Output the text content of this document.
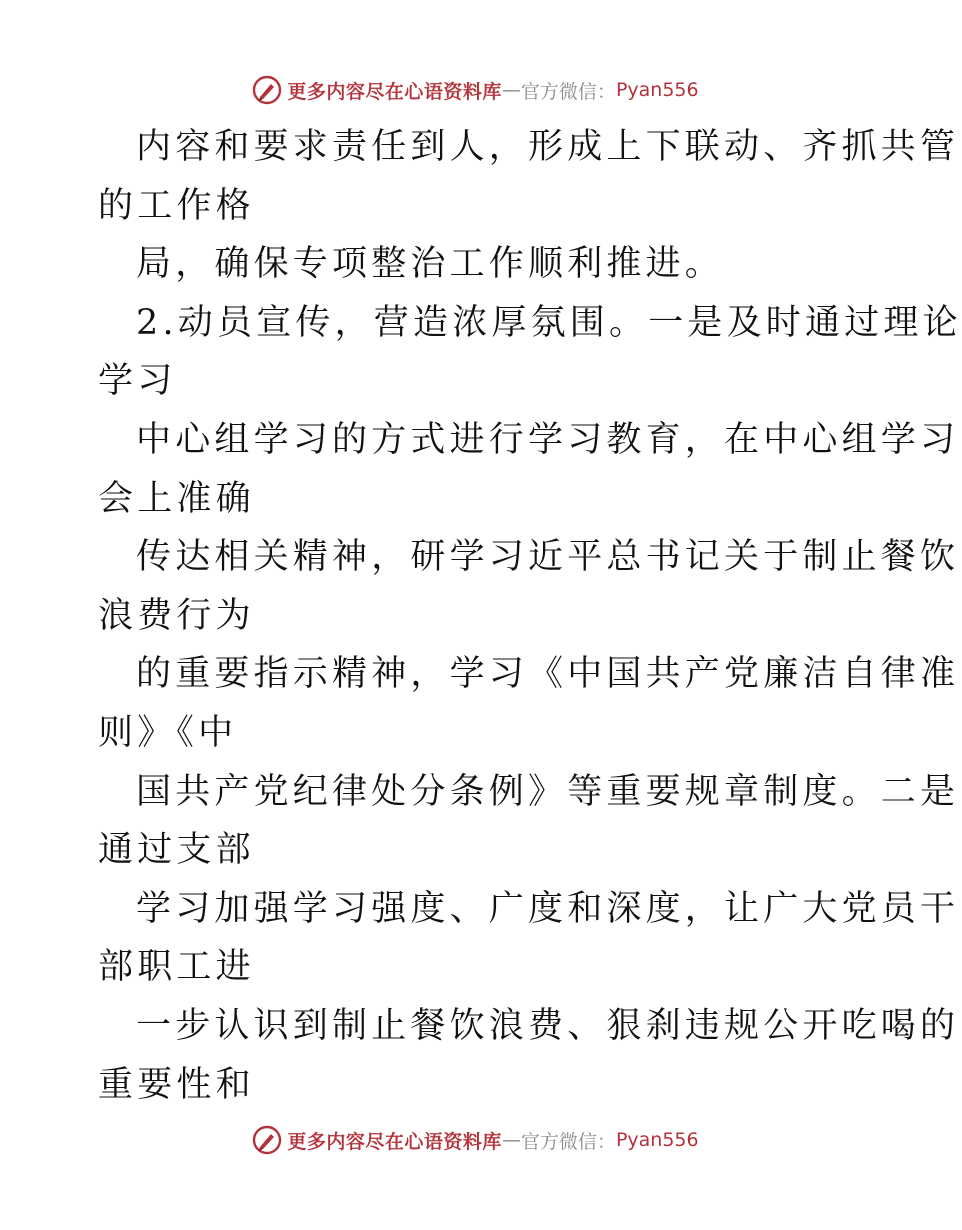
更多内容尽在心语资料库 — 官方微信： Pyan556
内容和要求责任到人，形成上下联动、齐抓共管
的工作格
局，确保专项整治工作顺利推进。
2.动员宣传，营造浓厚氛围。一是及时通过理论
学习
中心组学习的方式进行学习教育，在中心组学习
会上准确
传达相关精神，研学习近平总书记关于制止餐饮
浪费行为
的重要指示精神，学习《中国共产党廉洁自律准
则》《中
国共产党纪律处分条例》等重要规章制度。二是
通过支部
学习加强学习强度、广度和深度，让广大党员干
部职工进
一步认识到制止餐饮浪费、狠刹违规公开吃喝的
重要性和
更多内容尽在心语资料库 — 官方微信： Pyan556
